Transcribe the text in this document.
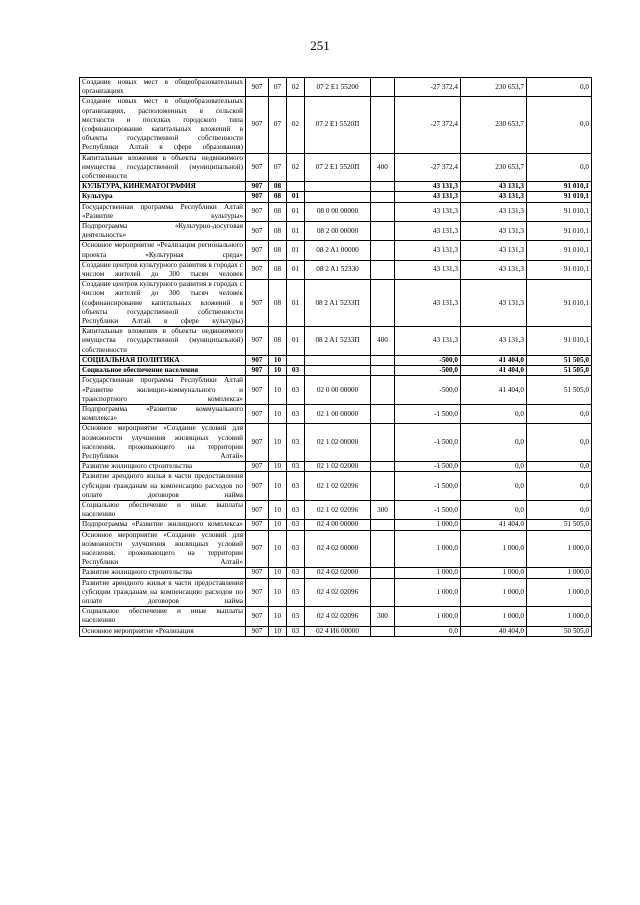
251
Создание новых мест в общеобразовательных организациях	907	07	02	07 2 E1 55200		-27 372,4	230 653,7	0,0
Создание новых мест в общеобразовательных организациях, расположенных в сельской местности и поселках городского типа (софинансирование капитальных вложений в объекты государственной собственности Республики Алтай в сфере образования)	907	07	02	07 2 E1 5520П		-27 372,4	230 653,7	0,0
Капитальные вложения в объекты недвижимого имущества государственной (муниципальной) собственности	907	07	02	07 2 E1 5520П	400	-27 372,4	230 653,7	0,0
КУЛЬТУРА, КИНЕМАТОГРАФИЯ	907	08				43 131,3	43 131,3	91 010,1
Культура	907	08	01			43 131,3	43 131,3	91 010,1
Государственная программа Республики Алтай «Развитие культуры»	907	08	01	08 0 00 00000		43 131,3	43 131,3	91 010,1
Подпрограмма «Культурно-досуговая деятельность»	907	08	01	08 2 00 00000		43 131,3	43 131,3	91 010,1
Основное мероприятие «Реализация регионального проекта «Культурная среда»	907	08	01	08 2 A1 00000		43 131,3	43 131,3	91 010,1
Создание центров культурного развития в городах с числом жителей до 300 тысяч человек	907	08	01	08 2 A1 52330		43 131,3	43 131,3	91 010,1
Создание центров культурного развития в городах с числом жителей до 300 тысяч человек (софинансирование капитальных вложений в объекты государственной собственности Республики Алтай в сфере культуры)	907	08	01	08 2 A1 5233П		43 131,3	43 131,3	91 010,1
Капитальные вложения в объекты недвижимого имущества государственной (муниципальной) собственности	907	08	01	08 2 A1 5233П	400	43 131,3	43 131,3	91 010,1
СОЦИАЛЬНАЯ ПОЛИТИКА	907	10				-500,0	41 404,0	51 505,0
Социальное обеспечение населения	907	10	03			-500,0	41 404,0	51 505,0
Государственная программа Республики Алтай «Развитие жилищно-коммунального и транспортного комплекса»	907	10	03	02 0 00 00000		-500,0	41 404,0	51 505,0
Подпрограмма «Развитие коммунального комплекса»	907	10	03	02 1 00 00000		-1 500,0	0,0	0,0
Основное мероприятие «Создание условий для возможности улучшения жилищных условий населения, проживающего на территории Республики Алтай»	907	10	03	02 1 02 00000		-1 500,0	0,0	0,0
Развитие жилищного строительства	907	10	03	02 1 02 02000		-1 500,0	0,0	0,0
Развитие арендного жилья в части предоставления субсидии гражданам на компенсацию расходов по оплате договоров найма	907	10	03	02 1 02 02096		-1 500,0	0,0	0,0
Социальное обеспечение и иные выплаты населению	907	10	03	02 1 02 02096	300	-1 500,0	0,0	0,0
Подпрограмма «Развитие жилищного комплекса»	907	10	03	02 4 00 00000		1 000,0	41 404,0	51 505,0
Основное мероприятие «Создание условий для возможности улучшения жилищных условий населения, проживающего на территории Республики Алтай»	907	10	03	02 4 02 00000		1 000,0	1 000,0	1 000,0
Развитие жилищного строительства	907	10	03	02 4 02 02000		1 000,0	1 000,0	1 000,0
Развитие арендного жилья в части предоставления субсидии гражданам на компенсацию расходов по оплате договоров найма	907	10	03	02 4 02 02096		1 000,0	1 000,0	1 000,0
Социальное обеспечение и иные выплаты населению	907	10	03	02 4 02 02096	300	1 000,0	1 000,0	1 000,0
Основное мероприятие «Реализация	907	10	03	02 4 И6 00000		0,0	40 404,0	50 505,0
